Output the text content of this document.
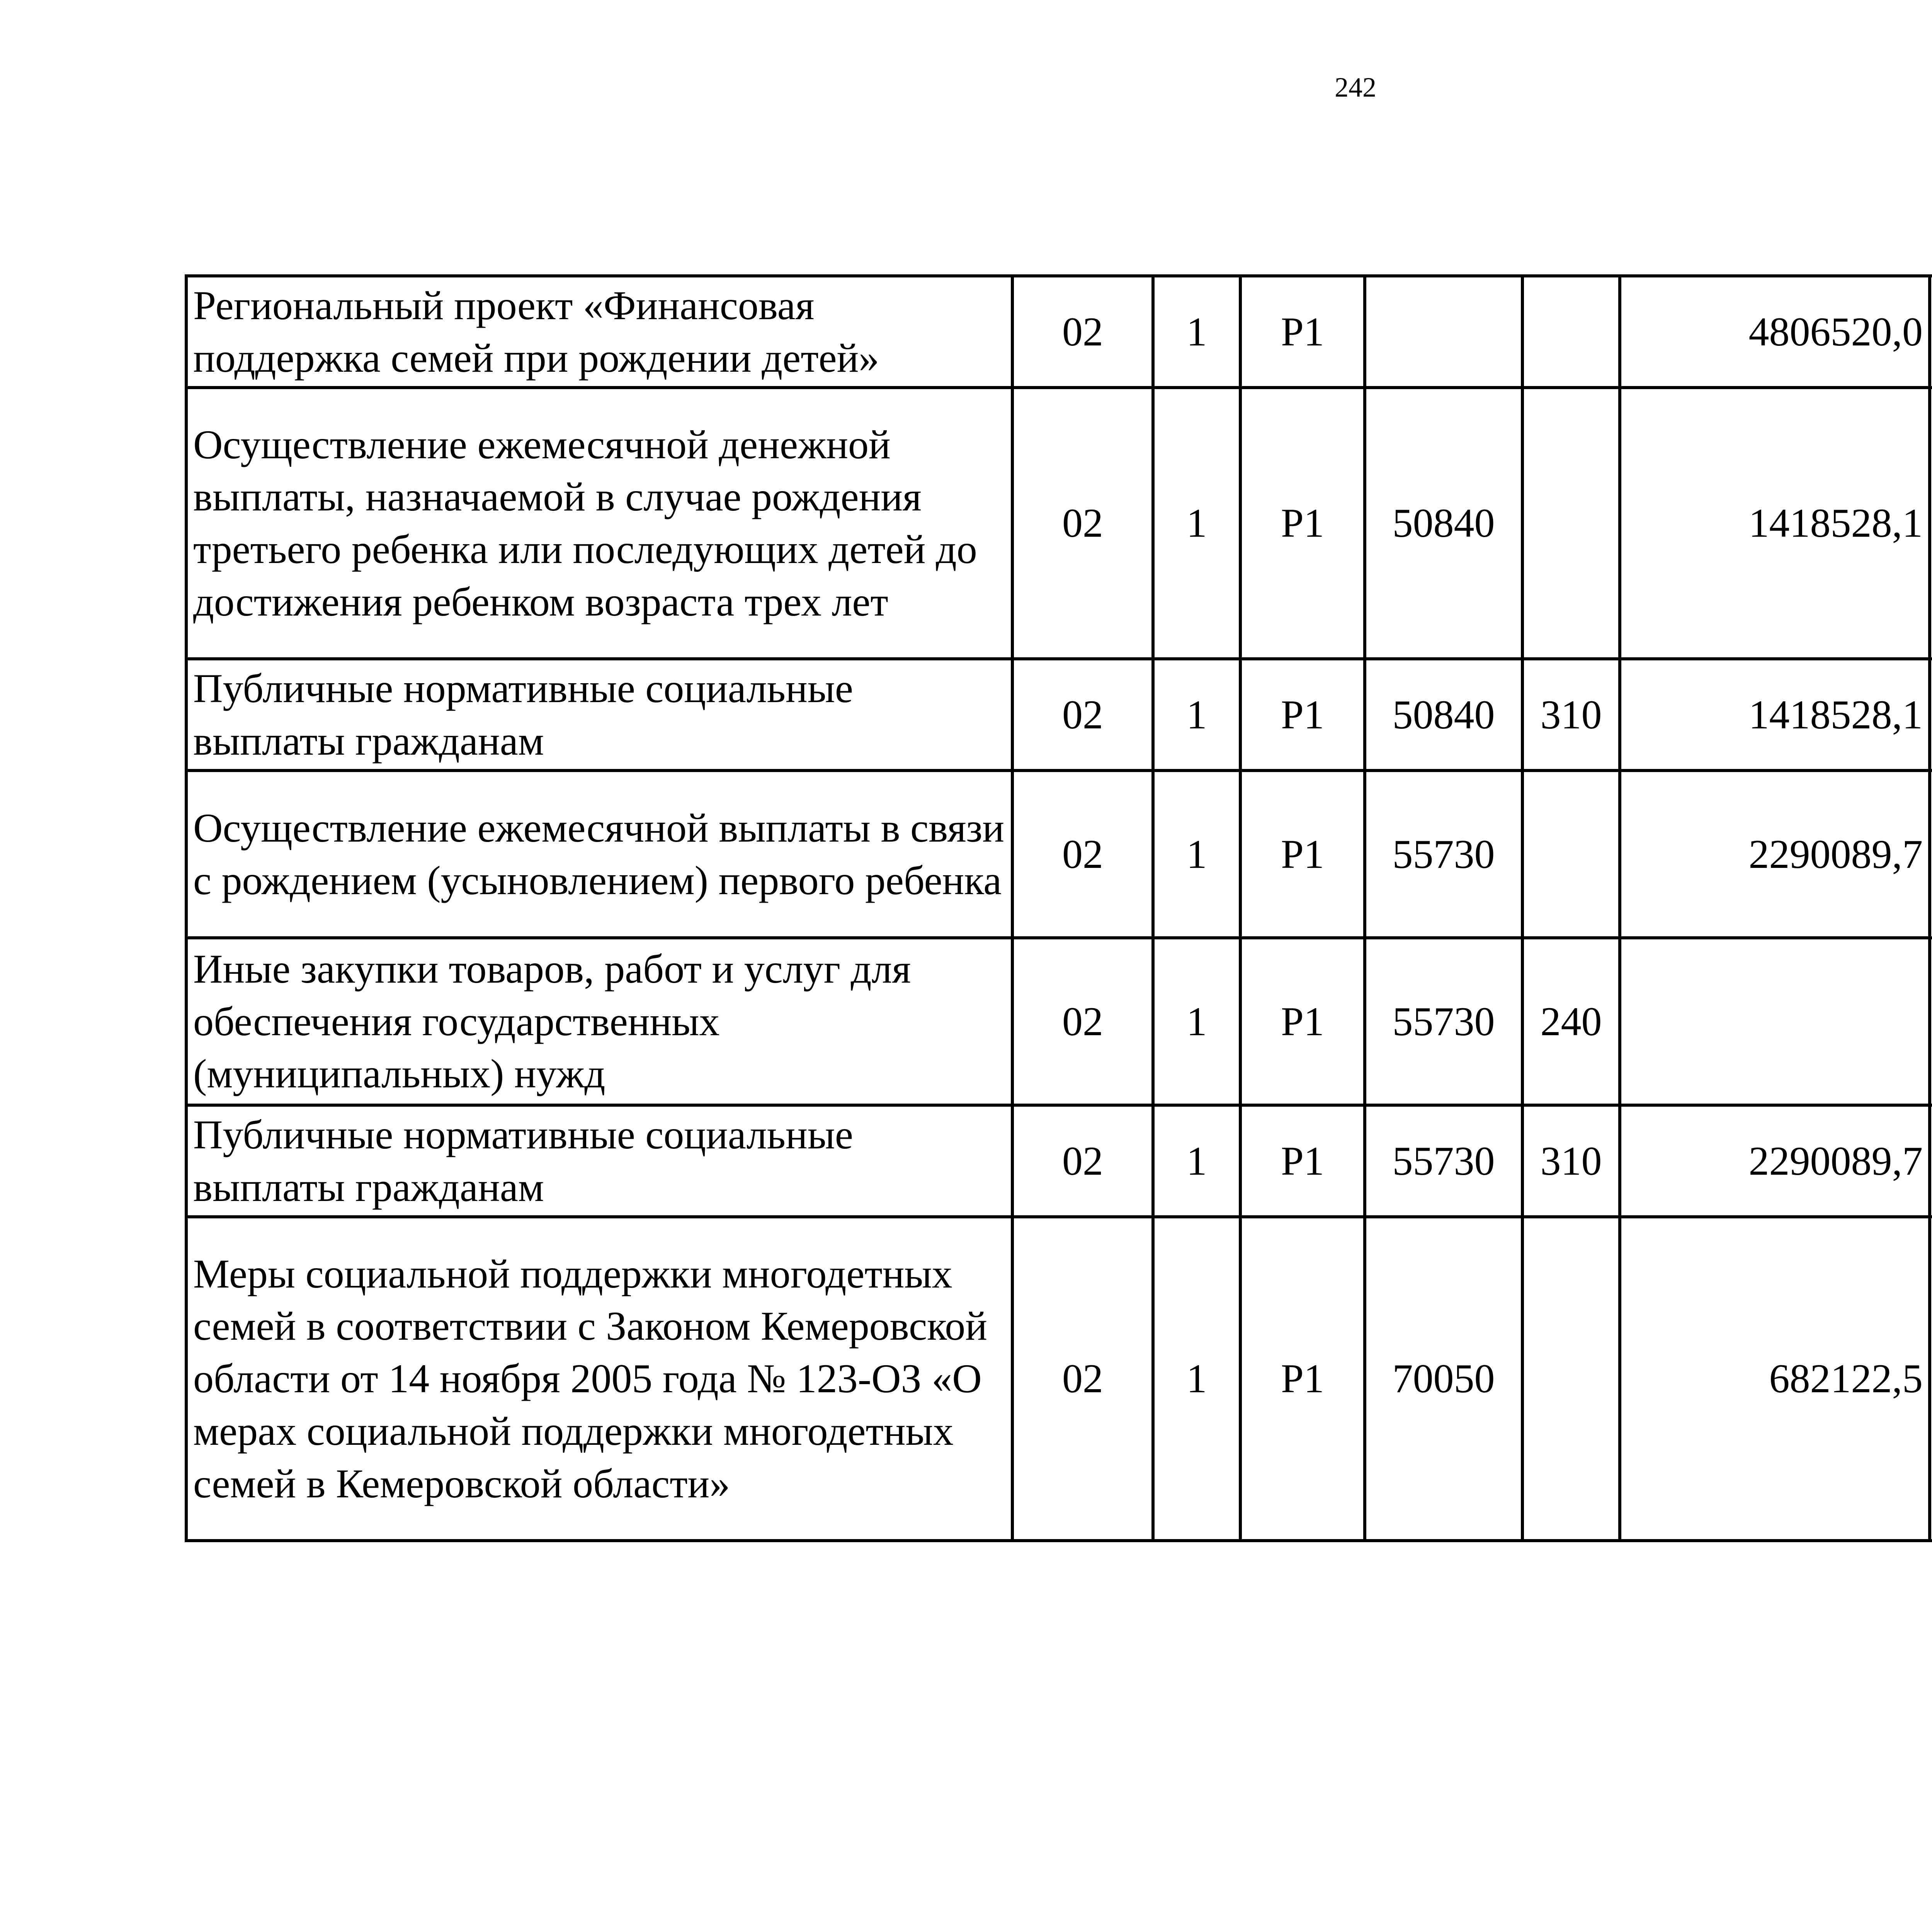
242
Региональный проект «Финансовая поддержка семей при рождении детей»	02	1	P1			4806520,0		
Осуществление ежемесячной денежной выплаты, назначаемой в случае рождения третьего ребенка или последующих детей до достижения ребенком возраста трех лет	02	1	P1	50840		1418528,1		
Публичные нормативные социальные выплаты гражданам	02	1	P1	50840	310	1418528,1		
Осуществление ежемесячной выплаты в связи с рождением (усыновлением) первого ребенка	02	1	P1	55730		2290089,7		
Иные закупки товаров, работ и услуг для обеспечения государственных (муниципальных) нужд	02	1	P1	55730	240			
Публичные нормативные социальные выплаты гражданам	02	1	P1	55730	310	2290089,7		
Меры социальной поддержки многодетных семей в соответствии с Законом Кемеровской области от 14 ноября 2005 года № 123-ОЗ «О мерах социальной поддержки многодетных семей в Кемеровской области»	02	1	P1	70050		682122,5		
